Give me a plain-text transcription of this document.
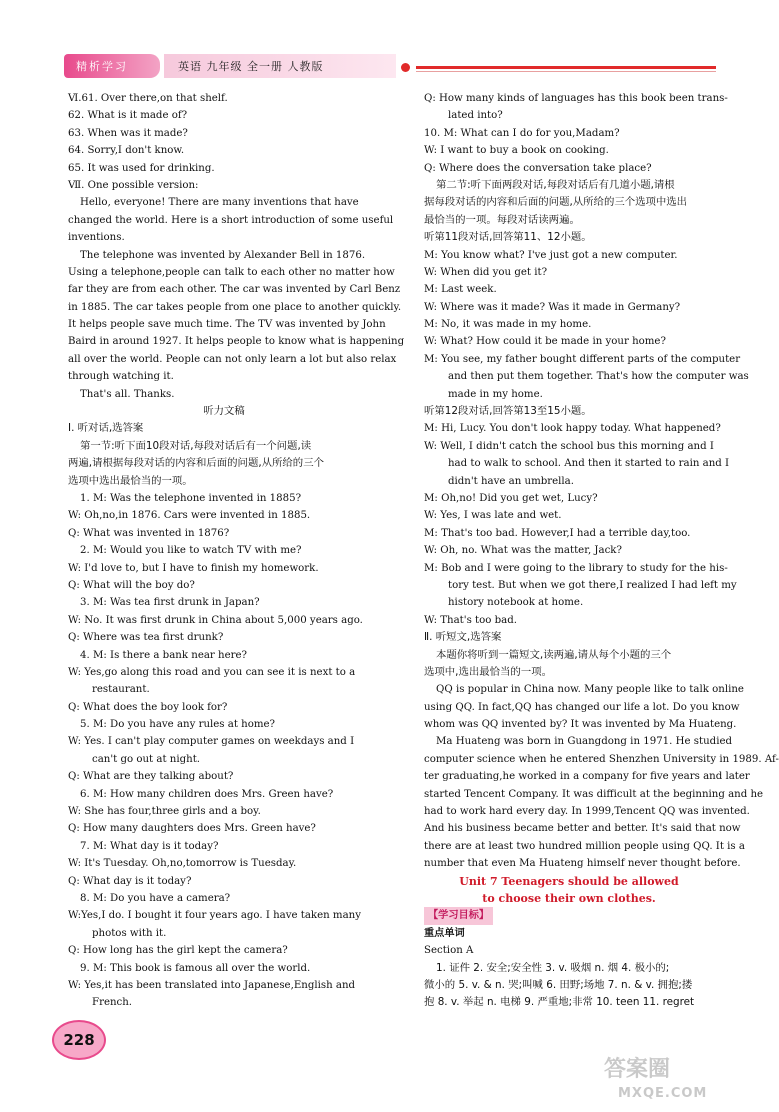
精析学习	英语 九年级 全一册 人教版
Ⅵ.61. Over there,on that shelf.
62. What is it made of?
63. When was it made?
64. Sorry,I don't know.
65. It was used for drinking.
Ⅶ. One possible version:
Hello, everyone! There are many inventions that have
changed the world. Here is a short introduction of some useful
inventions.
The telephone was invented by Alexander Bell in 1876.
Using a telephone,people can talk to each other no matter how
far they are from each other. The car was invented by Carl Benz
in 1885. The car takes people from one place to another quickly.
It helps people save much time. The TV was invented by John
Baird in around 1927. It helps people to know what is happening
all over the world. People can not only learn a lot but also relax
through watching it.
That's all. Thanks.
听力文稿
Ⅰ. 听对话,选答案
第一节:听下面10段对话,每段对话后有一个问题,读
两遍,请根据每段对话的内容和后面的问题,从所给的三个
选项中选出最恰当的一项。
1. M: Was the telephone invented in 1885?
W: Oh,no,in 1876. Cars were invented in 1885.
Q: What was invented in 1876?
2. M: Would you like to watch TV with me?
W: I'd love to, but I have to finish my homework.
Q: What will the boy do?
3. M: Was tea first drunk in Japan?
W: No. It was first drunk in China about 5,000 years ago.
Q: Where was tea first drunk?
4. M: Is there a bank near here?
W: Yes,go along this road and you can see it is next to a
restaurant.
Q: What does the boy look for?
5. M: Do you have any rules at home?
W: Yes. I can't play computer games on weekdays and I
can't go out at night.
Q: What are they talking about?
6. M: How many children does Mrs. Green have?
W: She has four,three girls and a boy.
Q: How many daughters does Mrs. Green have?
7. M: What day is it today?
W: It's Tuesday. Oh,no,tomorrow is Tuesday.
Q: What day is it today?
8. M: Do you have a camera?
W:Yes,I do. I bought it four years ago. I have taken many
photos with it.
Q: How long has the girl kept the camera?
9. M: This book is famous all over the world.
W: Yes,it has been translated into Japanese,English and
French.
Q: How many kinds of languages has this book been trans-
lated into?
10. M: What can I do for you,Madam?
W: I want to buy a book on cooking.
Q: Where does the conversation take place?
第二节:听下面两段对话,每段对话后有几道小题,请根
据每段对话的内容和后面的问题,从所给的三个选项中选出
最恰当的一项。每段对话读两遍。
听第11段对话,回答第11、12小题。
M: You know what? I've just got a new computer.
W: When did you get it?
M: Last week.
W: Where was it made? Was it made in Germany?
M: No, it was made in my home.
W: What? How could it be made in your home?
M: You see, my father bought different parts of the computer
and then put them together. That's how the computer was
made in my home.
听第12段对话,回答第13至15小题。
M: Hi, Lucy. You don't look happy today. What happened?
W: Well, I didn't catch the school bus this morning and I
had to walk to school. And then it started to rain and I
didn't have an umbrella.
M: Oh,no! Did you get wet, Lucy?
W: Yes, I was late and wet.
M: That's too bad. However,I had a terrible day,too.
W: Oh, no. What was the matter, Jack?
M: Bob and I were going to the library to study for the his-
tory test. But when we got there,I realized I had left my
history notebook at home.
W: That's too bad.
Ⅱ. 听短文,选答案
本题你将听到一篇短文,读两遍,请从每个小题的三个
选项中,选出最恰当的一项。
QQ is popular in China now. Many people like to talk online
using QQ. In fact,QQ has changed our life a lot. Do you know
whom was QQ invented by? It was invented by Ma Huateng.
Ma Huateng was born in Guangdong in 1971. He studied
computer science when he entered Shenzhen University in 1989. Af-
ter graduating,he worked in a company for five years and later
started Tencent Company. It was difficult at the beginning and he
had to work hard every day. In 1999,Tencent QQ was invented.
And his business became better and better. It's said that now
there are at least two hundred million people using QQ. It is a
number that even Ma Huateng himself never thought before.
Unit 7 Teenagers should be allowed
to choose their own clothes.
【学习目标】
重点单词
Section A
1. 证件 2. 安全;安全性 3. v. 吸烟 n. 烟 4. 极小的;
微小的 5. v. & n. 哭;叫喊 6. 田野;场地 7. n. & v. 拥抱;搂
抱 8. v. 举起 n. 电梯 9. 严重地;非常 10. teen 11. regret
228
答案圈
MXQE.COM
